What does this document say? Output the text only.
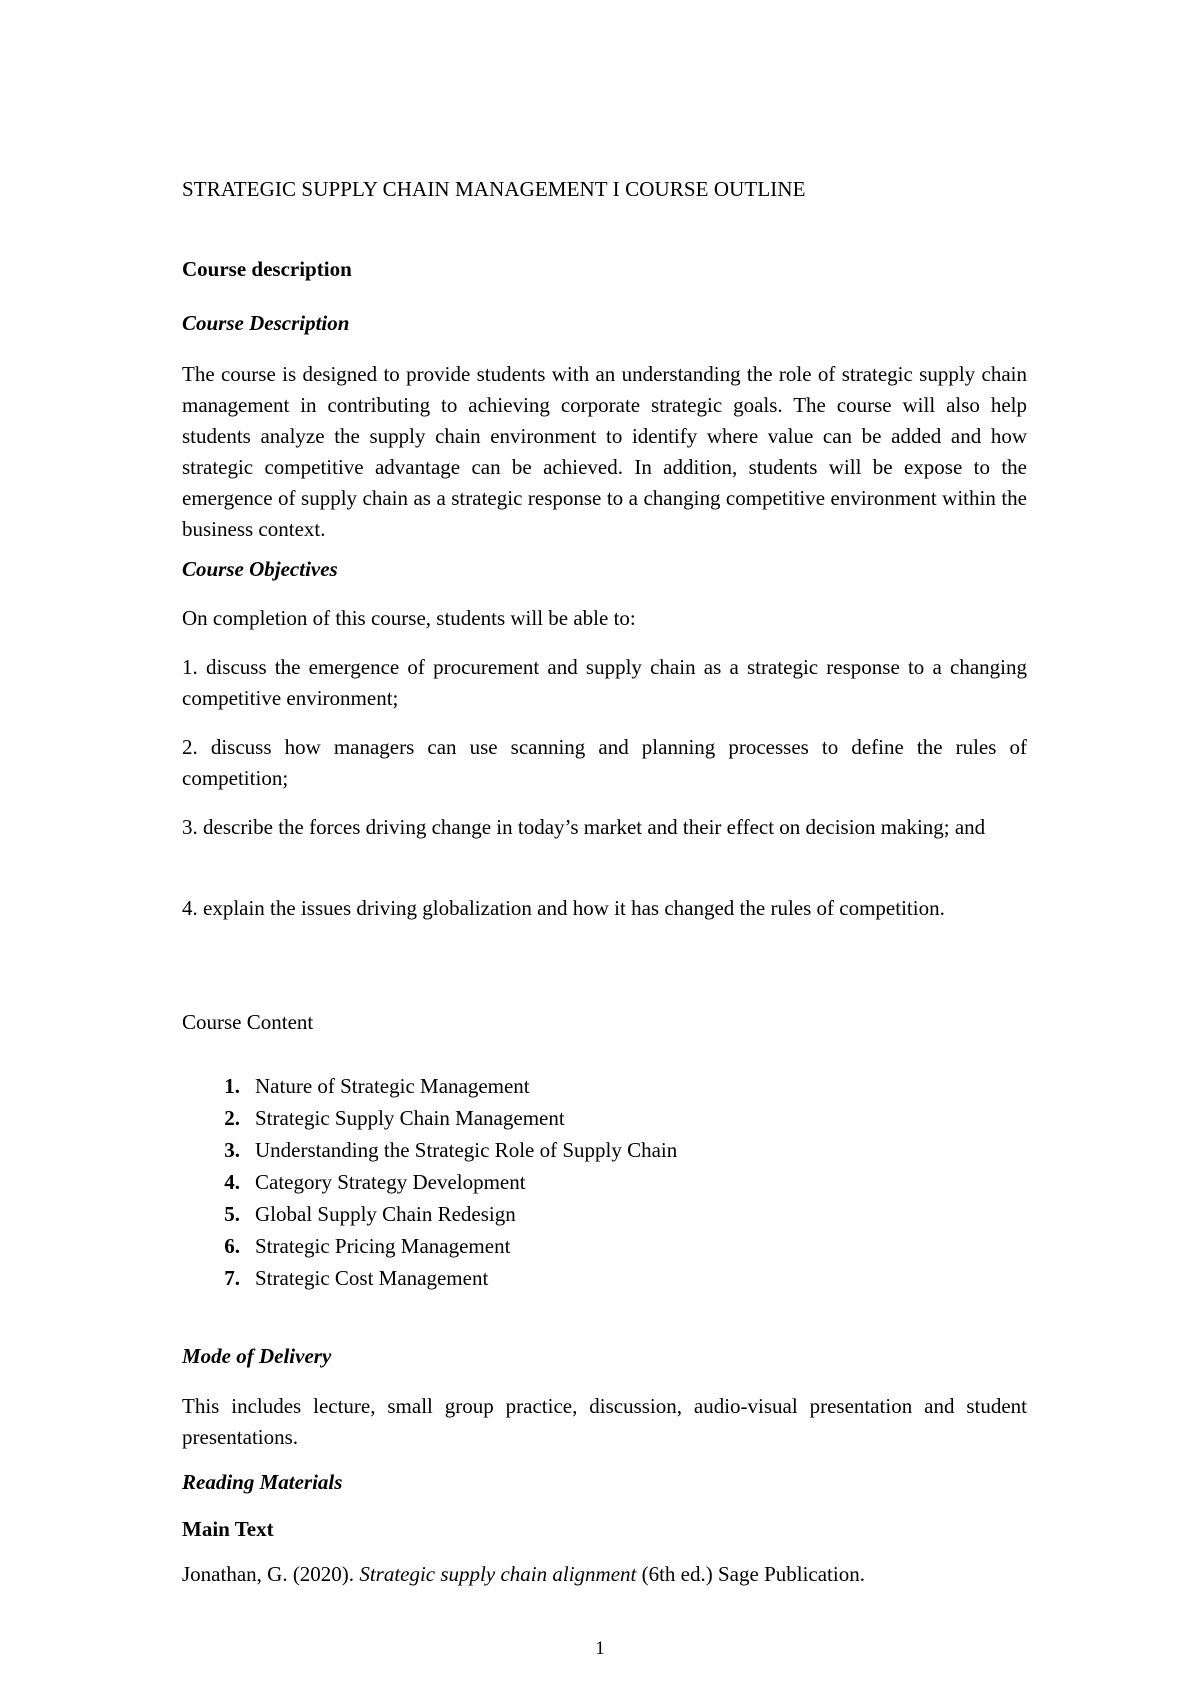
STRATEGIC SUPPLY CHAIN MANAGEMENT I COURSE OUTLINE
Course description
Course Description
The course is designed to provide students with an understanding the role of strategic supply chain management in contributing to achieving corporate strategic goals. The course will also help students analyze the supply chain environment to identify where value can be added and how strategic competitive advantage can be achieved. In addition, students will be expose to the emergence of supply chain as a strategic response to a changing competitive environment within the business context.
Course Objectives
On completion of this course, students will be able to:
1. discuss the emergence of procurement and supply chain as a strategic response to a changing competitive environment;
2. discuss how managers can use scanning and planning processes to define the rules of competition;
3. describe the forces driving change in today’s market and their effect on decision making; and
4. explain the issues driving globalization and how it has changed the rules of competition.
Course Content
1. Nature of Strategic Management
2. Strategic Supply Chain Management
3. Understanding the Strategic Role of Supply Chain
4. Category Strategy Development
5. Global Supply Chain Redesign
6. Strategic Pricing Management
7. Strategic Cost Management
Mode of Delivery
This includes lecture, small group practice, discussion, audio-visual presentation and student presentations.
Reading Materials
Main Text
Jonathan, G. (2020). Strategic supply chain alignment (6th ed.) Sage Publication.
1
